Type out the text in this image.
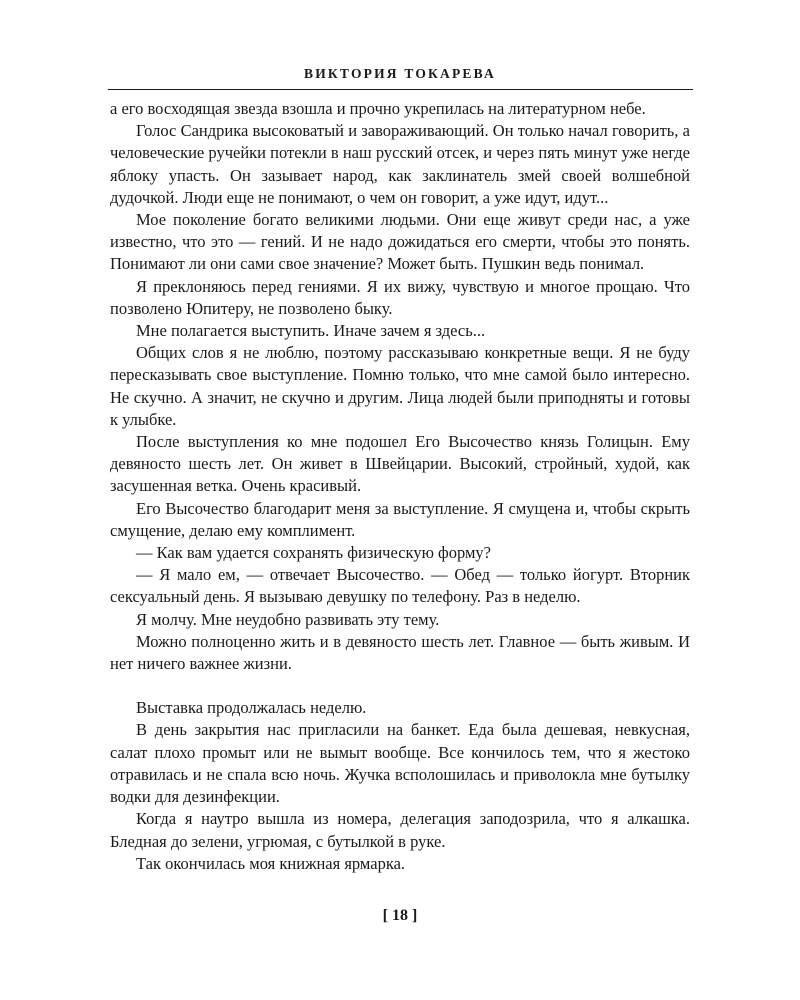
ВИКТОРИЯ ТОКАРЕВА

а его восходящая звезда взошла и прочно укрепилась на литературном небе.

Голос Сандрика высоковатый и завораживающий. Он только начал говорить, а человеческие ручейки потекли в наш русский отсек, и через пять минут уже негде яблоку упасть. Он зазывает народ, как заклинатель змей своей волшебной дудочкой. Люди еще не понимают, о чем он говорит, а уже идут, идут...

Мое поколение богато великими людьми. Они еще живут среди нас, а уже известно, что это — гений. И не надо дожидаться его смерти, чтобы это понять. Понимают ли они сами свое значение? Может быть. Пушкин ведь понимал.

Я преклоняюсь перед гениями. Я их вижу, чувствую и многое прощаю. Что позволено Юпитеру, не позволено быку.

Мне полагается выступить. Иначе зачем я здесь...

Общих слов я не люблю, поэтому рассказываю конкретные вещи. Я не буду пересказывать свое выступление. Помню только, что мне самой было интересно. Не скучно. А значит, не скучно и другим. Лица людей были приподняты и готовы к улыбке.

После выступления ко мне подошел Его Высочество князь Голицын. Ему девяносто шесть лет. Он живет в Швейцарии. Высокий, стройный, худой, как засушенная ветка. Очень красивый.

Его Высочество благодарит меня за выступление. Я смущена и, чтобы скрыть смущение, делаю ему комплимент.

— Как вам удается сохранять физическую форму?

— Я мало ем, — отвечает Высочество. — Обед — только йогурт. Вторник сексуальный день. Я вызываю девушку по телефону. Раз в неделю.

Я молчу. Мне неудобно развивать эту тему.

Можно полноценно жить и в девяносто шесть лет. Главное — быть живым. И нет ничего важнее жизни.

Выставка продолжалась неделю.

В день закрытия нас пригласили на банкет. Еда была дешевая, невкусная, салат плохо промыт или не вымыт вообще. Все кончилось тем, что я жестоко отравилась и не спала всю ночь. Жучка всполошилась и приволокла мне бутылку водки для дезинфекции.

Когда я наутро вышла из номера, делегация заподозрила, что я алкашка. Бледная до зелени, угрюмая, с бутылкой в руке.

Так окончилась моя книжная ярмарка.

[ 18 ]
